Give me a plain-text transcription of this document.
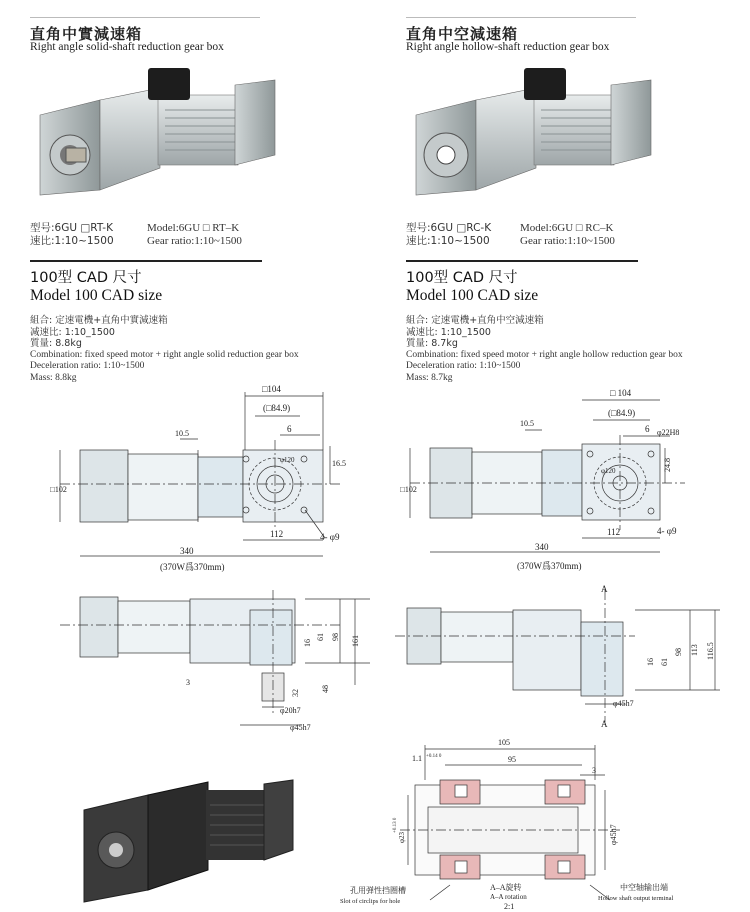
直角中實減速箱
Right angle solid-shaft reduction gear box
直角中空減速箱
Right angle hollow-shaft reduction gear box
型号:6GU □RT-K
速比:1:10~1500
Model:6GU □ RT–K
Gear ratio:1:10~1500
型号:6GU □RC-K
速比:1:10~1500
Model:6GU □ RC–K
Gear ratio:1:10~1500
100型 CAD 尺寸
Model 100 CAD size
100型 CAD 尺寸
Model 100 CAD size
組合: 定速電機+直角中實減速箱
减速比: 1:10_1500
質量: 8.8kg
Combination: fixed speed motor + right angle solid reduction gear box
Deceleration ratio: 1:10~1500
Mass: 8.8kg
組合: 定速電機+直角中空減速箱
减速比: 1:10_1500
質量: 8.7kg
Combination: fixed speed motor + right angle hollow reduction gear box
Deceleration ratio: 1:10~1500
Mass: 8.7kg
□104
(□84.9)
6
10.5
16.5
φ120
□102
112	4- φ9
340
(370W爲370mm)
16
61 98 161
3
32	48
φ20h7
φ45h7
□ 104
(□84.9)
6
10.5
φ22H8
24.8
φ120
□102
112	4- φ9
340
(370W爲370mm)
A
A
16 61
98 113 116.5
φ45h7
105
1.1 +0.14 0	95
3
φ23
+0.13 0	φ45h7
孔用弹性挡圈槽
Slot of circlips for hole
A–A旋转
A–A rotation
2:1
中空轴输出端
Hollow shaft output terminal
